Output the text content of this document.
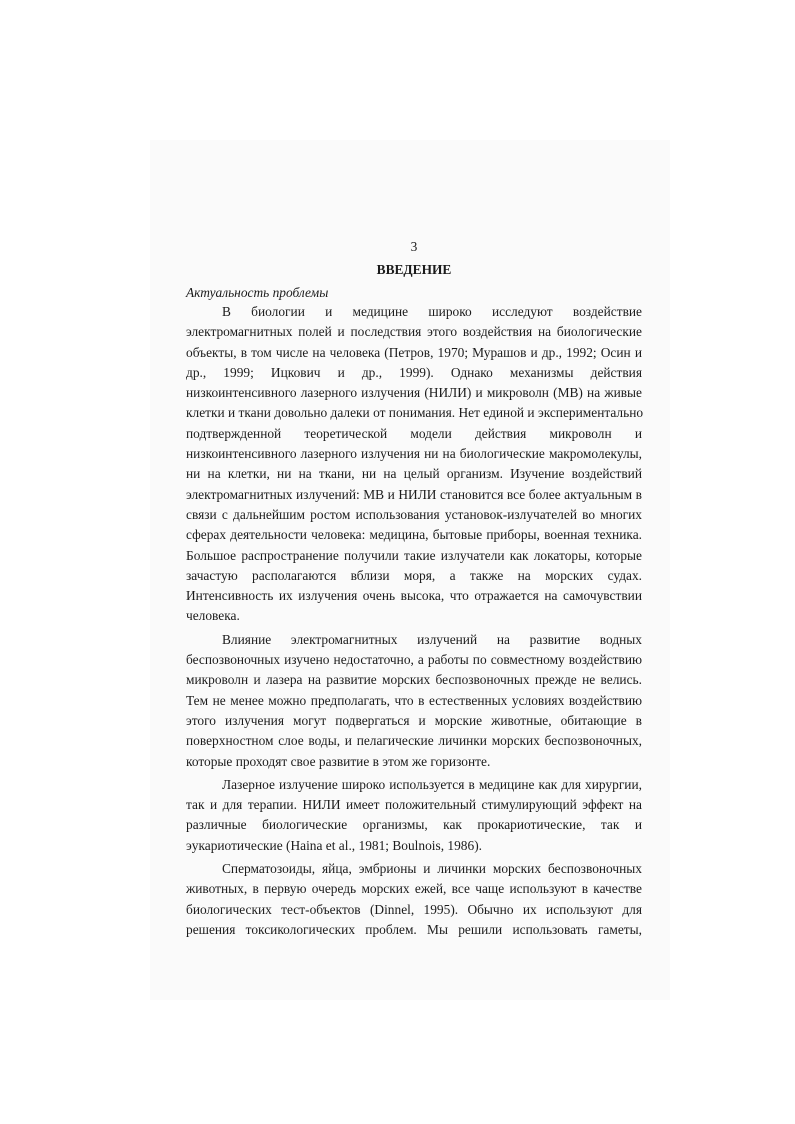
3
ВВЕДЕНИЕ
Актуальность проблемы
В биологии и медицине широко исследуют воздействие
электромагнитных полей и последствия этого воздействия на биологические
объекты, в том числе на человека (Петров, 1970; Мурашов и др., 1992; Осин и
др., 1999; Ицкович и др., 1999). Однако механизмы действия
низкоинтенсивного лазерного излучения (НИЛИ) и микроволн (МВ) на живые
клетки и ткани довольно далеки от понимания. Нет единой и экспериментально
подтвержденной теоретической модели действия микроволн и
низкоинтенсивного лазерного излучения ни на биологические макромолекулы,
ни на клетки, ни на ткани, ни на целый организм. Изучение воздействий
электромагнитных излучений: МВ и НИЛИ становится все более актуальным в
связи с дальнейшим ростом использования установок-излучателей во многих
сферах деятельности человека: медицина, бытовые приборы, военная техника.
Большое распространение получили такие излучатели как локаторы, которые
зачастую располагаются вблизи моря, а также на морских судах.
Интенсивность их излучения очень высока, что отражается на самочувствии
человека.
Влияние электромагнитных излучений на развитие водных
беспозвоночных изучено недостаточно, а работы по совместному воздействию
микроволн и лазера на развитие морских беспозвоночных прежде не велись.
Тем не менее можно предполагать, что в естественных условиях воздействию
этого излучения могут подвергаться и морские животные, обитающие в
поверхностном слое воды, и пелагические личинки морских беспозвоночных,
которые проходят свое развитие в этом же горизонте.
Лазерное излучение широко используется в медицине как для хирургии,
так и для терапии. НИЛИ имеет положительный стимулирующий эффект на
различные биологические организмы, как прокариотические, так и
эукариотические (Haina et al., 1981; Boulnois, 1986).
Сперматозоиды, яйца, эмбрионы и личинки морских беспозвоночных
животных, в первую очередь морских ежей, все чаще используют в качестве
биологических тест-объектов (Dinnel, 1995). Обычно их используют для
решения токсикологических проблем. Мы решили использовать гаметы,
